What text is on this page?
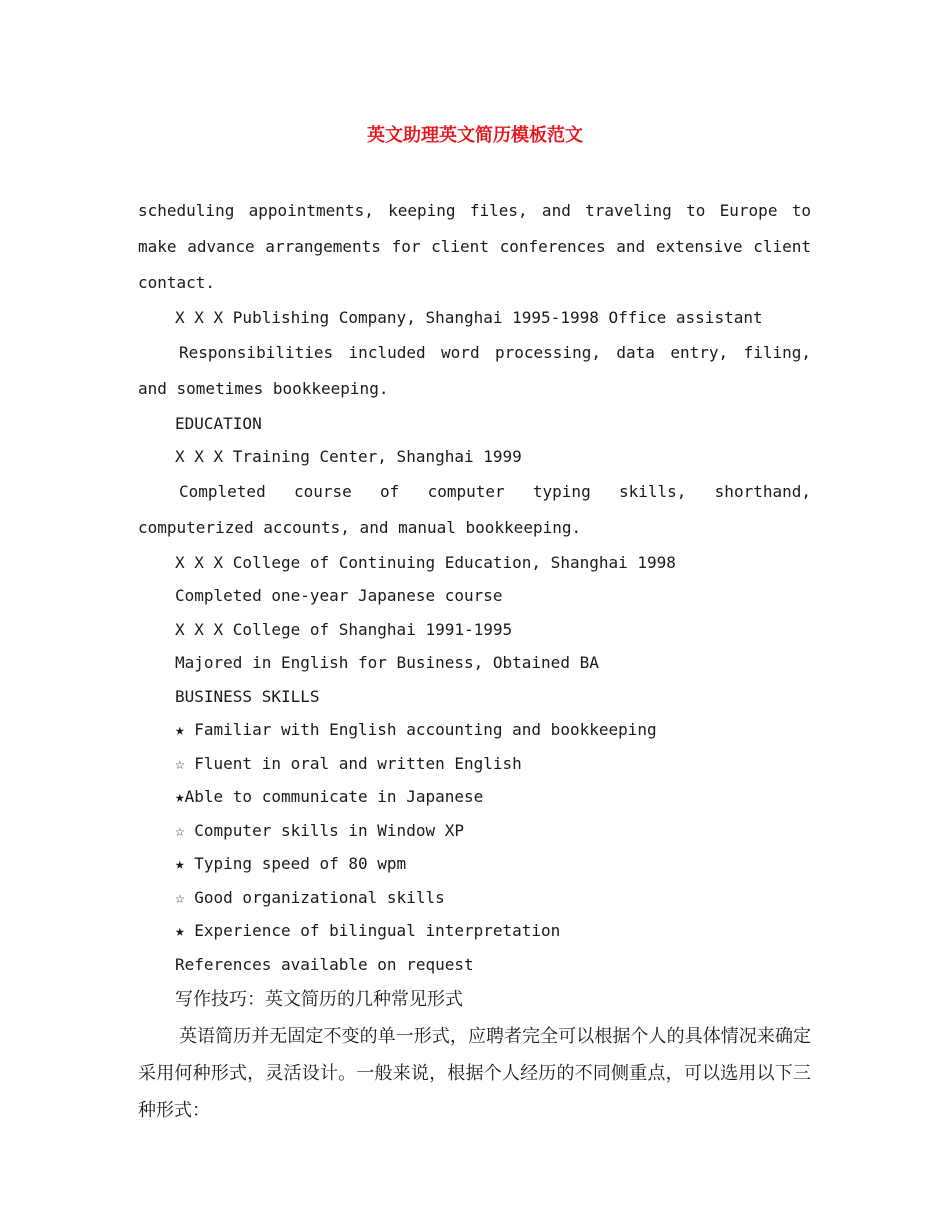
英文助理英文简历模板范文

scheduling appointments, keeping files, and traveling to Europe to make advance arrangements for client conferences and extensive client contact.

X X X Publishing Company, Shanghai 1995-1998 Office assistant

Responsibilities included word processing, data entry, filing, and sometimes bookkeeping.

EDUCATION

X X X Training Center, Shanghai 1999

Completed course of computer typing skills, shorthand, computerized accounts, and manual bookkeeping.

X X X College of Continuing Education, Shanghai 1998

Completed one-year Japanese course

X X X College of Shanghai 1991-1995

Majored in English for Business, Obtained BA

BUSINESS SKILLS

★ Familiar with English accounting and bookkeeping

☆ Fluent in oral and written English

★Able to communicate in Japanese

☆ Computer skills in Window XP

★ Typing speed of 80 wpm

☆ Good organizational skills

★ Experience of bilingual interpretation

References available on request

写作技巧：英文简历的几种常见形式

英语简历并无固定不变的单一形式，应聘者完全可以根据个人的具体情况来确定采用何种形式，灵活设计。一般来说，根据个人经历的不同侧重点，可以选用以下三种形式：
